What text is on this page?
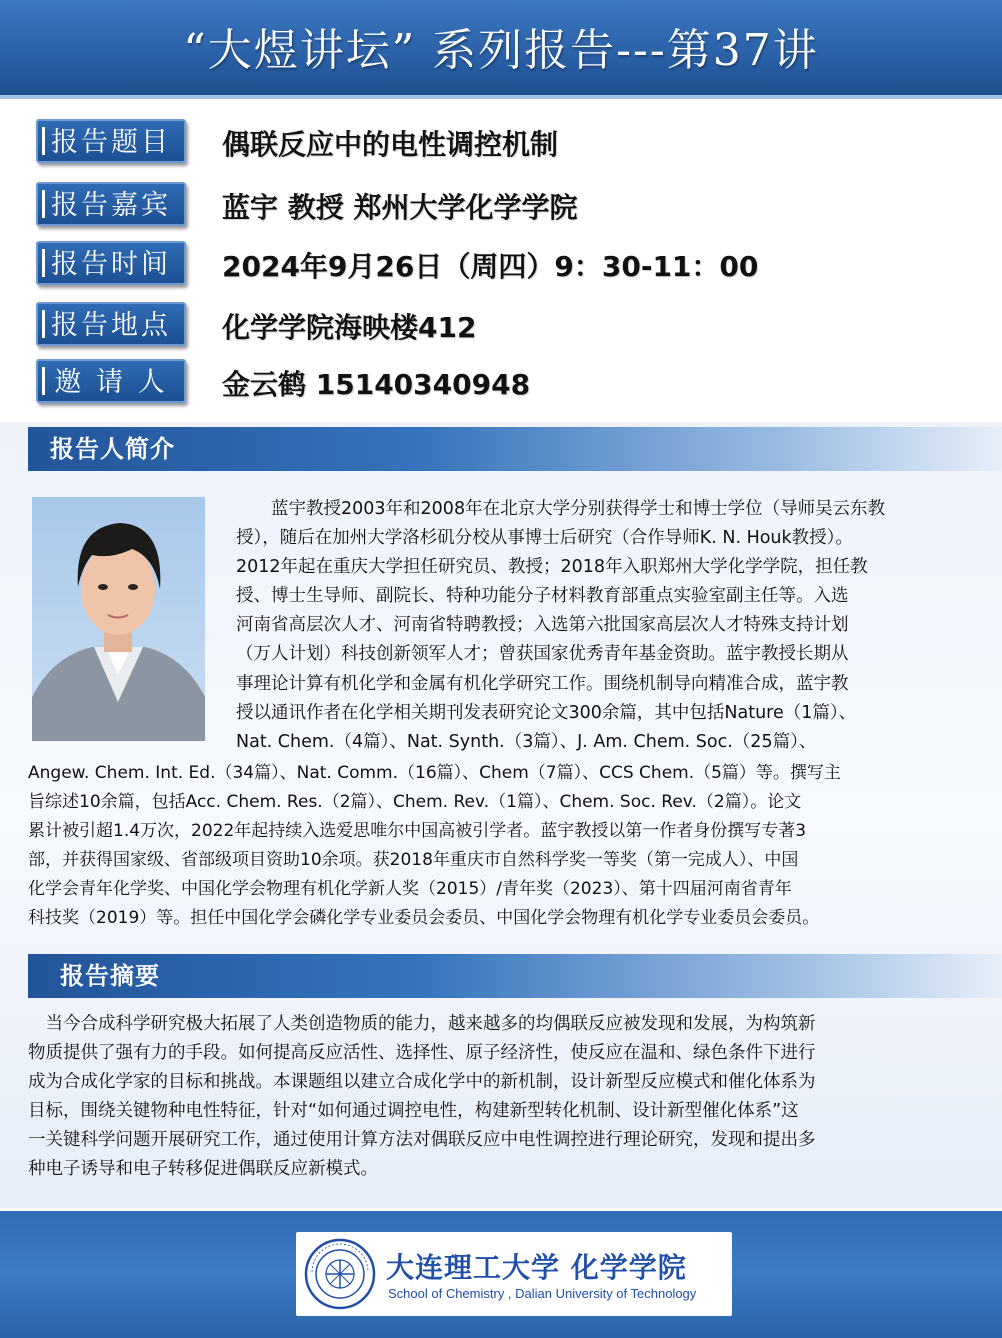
“大煜讲坛” 系列报告---第37讲
报告题目	偶联反应中的电性调控机制
报告嘉宾	蓝宇 教授 郑州大学化学学院
报告时间	2024年9月26日（周四）9：30-11：00
报告地点	化学学院海映楼412
邀 请 人	金云鹤 15140340948
报告人简介
　　蓝宇教授2003年和2008年在北京大学分别获得学士和博士学位（导师吴云东教
授），随后在加州大学洛杉矶分校从事博士后研究（合作导师K. N. Houk教授）。
2012年起在重庆大学担任研究员、教授；2018年入职郑州大学化学学院，担任教
授、博士生导师、副院长、特种功能分子材料教育部重点实验室副主任等。入选
河南省高层次人才、河南省特聘教授；入选第六批国家高层次人才特殊支持计划
（万人计划）科技创新领军人才；曾获国家优秀青年基金资助。蓝宇教授长期从
事理论计算有机化学和金属有机化学研究工作。围绕机制导向精准合成，蓝宇教
授以通讯作者在化学相关期刊发表研究论文300余篇，其中包括Nature（1篇）、
Nat. Chem.（4篇）、Nat. Synth.（3篇）、J. Am. Chem. Soc.（25篇）、
Angew. Chem. Int. Ed.（34篇）、Nat. Comm.（16篇）、Chem（7篇）、CCS Chem.（5篇）等。撰写主
旨综述10余篇，包括Acc. Chem. Res.（2篇）、Chem. Rev.（1篇）、Chem. Soc. Rev.（2篇）。论文
累计被引超1.4万次，2022年起持续入选爱思唯尔中国高被引学者。蓝宇教授以第一作者身份撰写专著3
部，并获得国家级、省部级项目资助10余项。获2018年重庆市自然科学奖一等奖（第一完成人）、中国
化学会青年化学奖、中国化学会物理有机化学新人奖（2015）/青年奖（2023）、第十四届河南省青年
科技奖（2019）等。担任中国化学会磷化学专业委员会委员、中国化学会物理有机化学专业委员会委员。
报告摘要
　当今合成科学研究极大拓展了人类创造物质的能力，越来越多的均偶联反应被发现和发展，为构筑新
物质提供了强有力的手段。如何提高反应活性、选择性、原子经济性，使反应在温和、绿色条件下进行
成为合成化学家的目标和挑战。本课题组以建立合成化学中的新机制，设计新型反应模式和催化体系为
目标，围绕关键物种电性特征，针对“如何通过调控电性，构建新型转化机制、设计新型催化体系”这
一关键科学问题开展研究工作，通过使用计算方法对偶联反应中电性调控进行理论研究，发现和提出多
种电子诱导和电子转移促进偶联反应新模式。
大连理工大学 化学学院
School of Chemistry , Dalian University of Technology
